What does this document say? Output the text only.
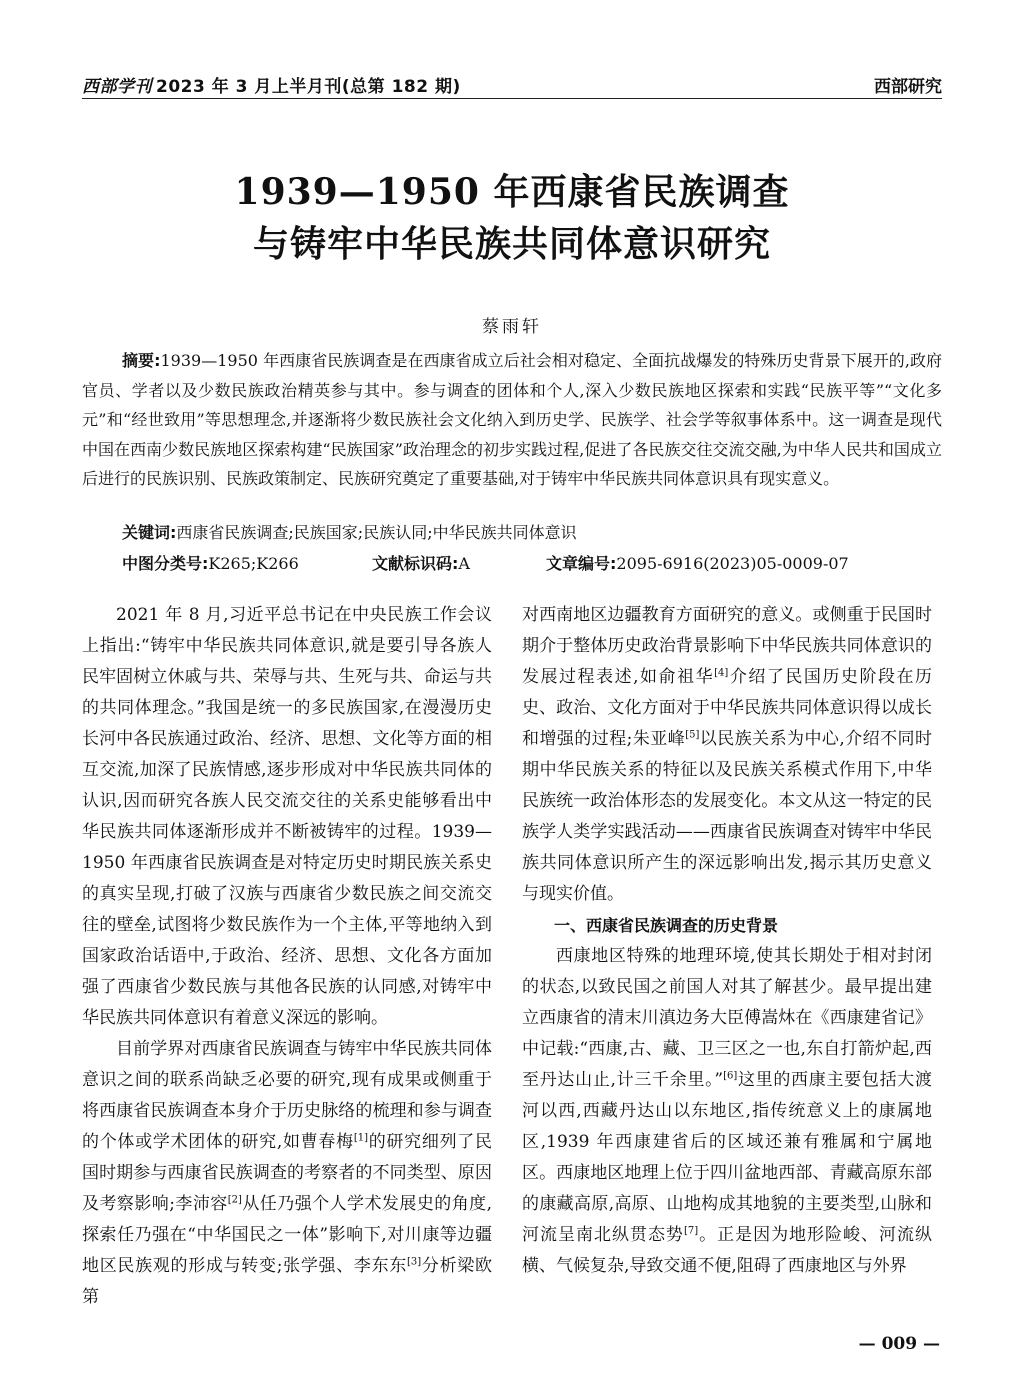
西部学刊 2023 年 3 月上半月刊(总第 182 期)	西部研究
1939—1950 年西康省民族调查
与铸牢中华民族共同体意识研究
蔡雨轩
摘要:1939—1950 年西康省民族调查是在西康省成立后社会相对稳定、全面抗战爆发的特殊历史背景下展开的,政府官员、学者以及少数民族政治精英参与其中。参与调查的团体和个人,深入少数民族地区探索和实践“民族平等”“文化多元”和“经世致用”等思想理念,并逐渐将少数民族社会文化纳入到历史学、民族学、社会学等叙事体系中。这一调查是现代中国在西南少数民族地区探索构建“民族国家”政治理念的初步实践过程,促进了各民族交往交流交融,为中华人民共和国成立后进行的民族识别、民族政策制定、民族研究奠定了重要基础,对于铸牢中华民族共同体意识具有现实意义。
关键词:西康省民族调查;民族国家;民族认同;中华民族共同体意识
中图分类号:K265;K266	文献标识码:A	文章编号:2095-6916(2023)05-0009-07

2021 年 8 月,习近平总书记在中央民族工作会议上指出:“铸牢中华民族共同体意识,就是要引导各族人民牢固树立休戚与共、荣辱与共、生死与共、命运与共的共同体理念。”我国是统一的多民族国家,在漫漫历史长河中各民族通过政治、经济、思想、文化等方面的相互交流,加深了民族情感,逐步形成对中华民族共同体的认识,因而研究各族人民交流交往的关系史能够看出中华民族共同体逐渐形成并不断被铸牢的过程。1939—1950 年西康省民族调查是对特定历史时期民族关系史的真实呈现,打破了汉族与西康省少数民族之间交流交往的壁垒,试图将少数民族作为一个主体,平等地纳入到国家政治话语中,于政治、经济、思想、文化各方面加强了西康省少数民族与其他各民族的认同感,对铸牢中华民族共同体意识有着意义深远的影响。

目前学界对西康省民族调查与铸牢中华民族共同体意识之间的联系尚缺乏必要的研究,现有成果或侧重于将西康省民族调查本身介于历史脉络的梳理和参与调查的个体或学术团体的研究,如曹春梅[1]的研究细列了民国时期参与西康省民族调查的考察者的不同类型、原因及考察影响;李沛容[2]从任乃强个人学术发展史的角度,探索任乃强在“中华国民之一体”影响下,对川康等边疆地区民族观的形成与转变;张学强、李东东[3]分析梁欧第

对西南地区边疆教育方面研究的意义。或侧重于民国时期介于整体历史政治背景影响下中华民族共同体意识的发展过程表述,如俞祖华[4]介绍了民国历史阶段在历史、政治、文化方面对于中华民族共同体意识得以成长和增强的过程;朱亚峰[5]以民族关系为中心,介绍不同时期中华民族关系的特征以及民族关系模式作用下,中华民族统一政治体形态的发展变化。本文从这一特定的民族学人类学实践活动——西康省民族调查对铸牢中华民族共同体意识所产生的深远影响出发,揭示其历史意义与现实价值。

一、西康省民族调查的历史背景

西康地区特殊的地理环境,使其长期处于相对封闭的状态,以致民国之前国人对其了解甚少。最早提出建立西康省的清末川滇边务大臣傅嵩炑在《西康建省记》中记载:“西康,古、藏、卫三区之一也,东自打箭炉起,西至丹达山止,计三千余里。”[6]这里的西康主要包括大渡河以西,西藏丹达山以东地区,指传统意义上的康属地区,1939 年西康建省后的区域还兼有雅属和宁属地区。西康地区地理上位于四川盆地西部、青藏高原东部的康藏高原,高原、山地构成其地貌的主要类型,山脉和河流呈南北纵贯态势[7]。正是因为地形险峻、河流纵横、气候复杂,导致交通不便,阻碍了西康地区与外界

— 009 —
